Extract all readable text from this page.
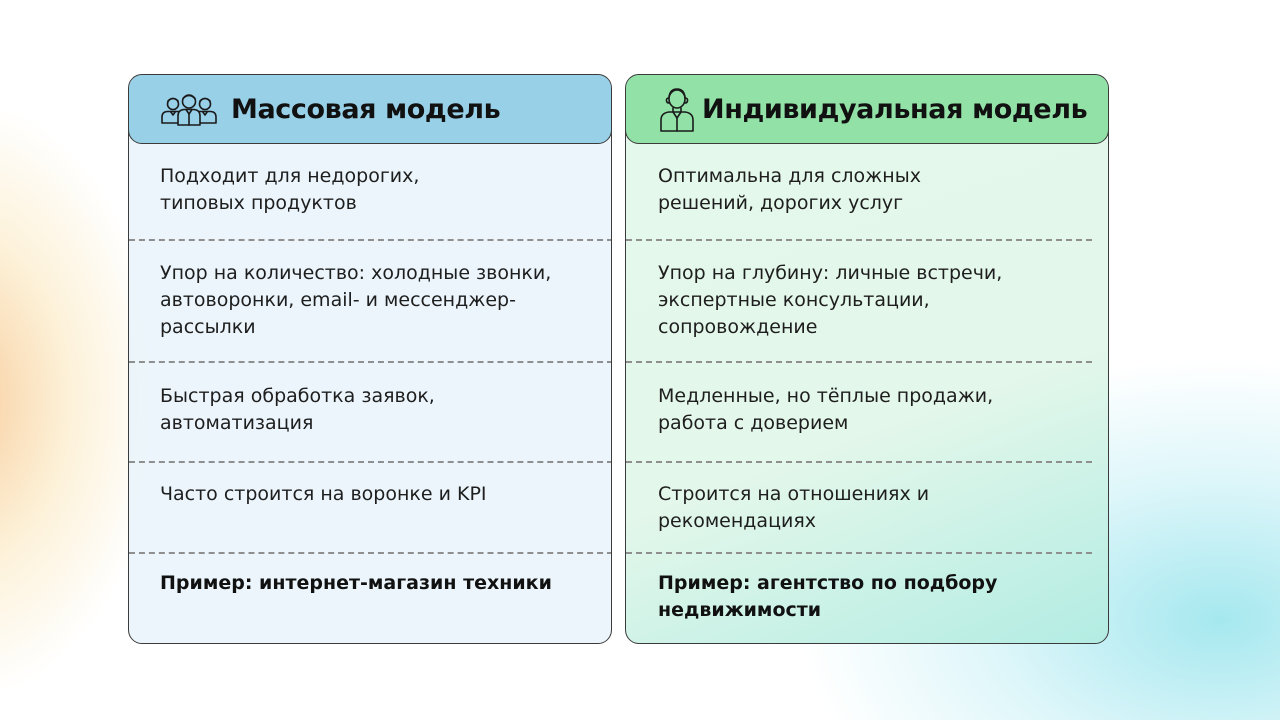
Массовая модель
Подходит для недорогих,
типовых продуктов
Упор на количество: холодные звонки,
автоворонки, email- и мессенджер-
рассылки
Быстрая обработка заявок,
автоматизация
Часто строится на воронке и KPI
Пример: интернет-магазин техники
Индивидуальная модель
Оптимальна для сложных
решений, дорогих услуг
Упор на глубину: личные встречи,
экспертные консультации,
сопровождение
Медленные, но тёплые продажи,
работа с доверием
Строится на отношениях и
рекомендациях
Пример: агентство по подбору
недвижимости
